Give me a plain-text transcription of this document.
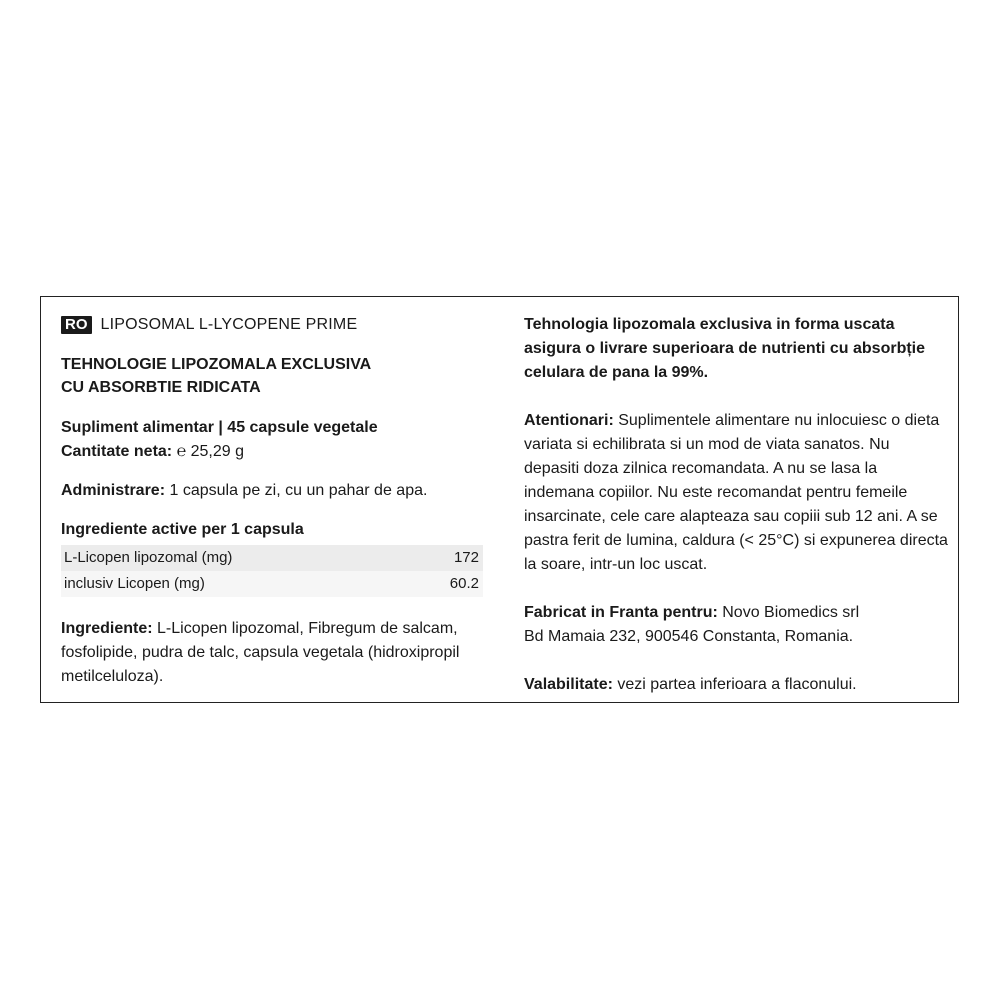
RO LIPOSOMAL L-LYCOPENE PRIME
TEHNOLOGIE LIPOZOMALA EXCLUSIVA
CU ABSORBTIE RIDICATA

Supliment alimentar | 45 capsule vegetale

Cantitate neta: ℮ 25,29 g

Administrare: 1 capsula pe zi, cu un pahar de apa.

Ingrediente active per 1 capsula
L-Licopen lipozomal (mg)	172
inclusiv Licopen (mg)	60.2

Ingrediente: L-Licopen lipozomal, Fibregum de salcam, fosfolipide, pudra de talc, capsula vegetala (hidroxipropil metilceluloza).

Tehnologia lipozomala exclusiva in forma uscata asigura o livrare superioara de nutrienti cu absorbție celulara de pana la 99%.

Atentionari: Suplimentele alimentare nu inlocuiesc o dieta variata si echilibrata si un mod de viata sanatos. Nu depasiti doza zilnica recomandata. A nu se lasa la indemana copiilor. Nu este recomandat pentru femeile insarcinate, cele care alapteaza sau copiii sub 12 ani. A se pastra ferit de lumina, caldura (< 25°C) si expunerea directa la soare, intr-un loc uscat.

Fabricat in Franta pentru: Novo Biomedics srl

Bd Mamaia 232, 900546 Constanta, Romania.

Valabilitate: vezi partea inferioara a flaconului.
